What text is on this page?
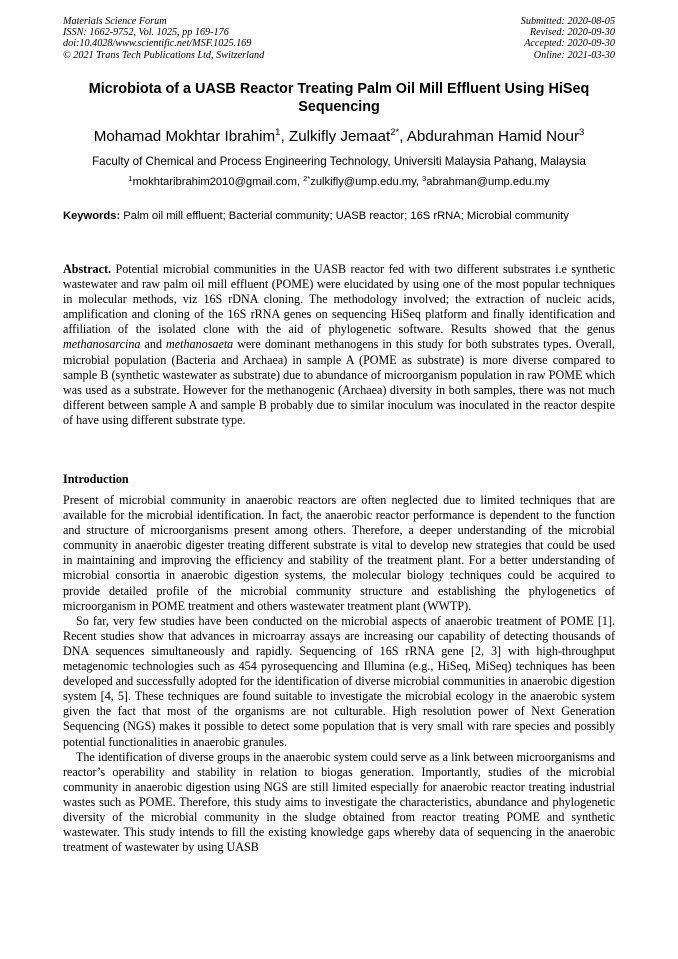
Materials Science Forum
ISSN: 1662-9752, Vol. 1025, pp 169-176
doi:10.4028/www.scientific.net/MSF.1025.169
© 2021 Trans Tech Publications Ltd, Switzerland
Submitted: 2020-08-05
Revised: 2020-09-30
Accepted: 2020-09-30
Online: 2021-03-30
Microbiota of a UASB Reactor Treating Palm Oil Mill Effluent Using HiSeq Sequencing
Mohamad Mokhtar Ibrahim$^1$, Zulkifly Jemaat$^{2*}$, Abdurahman Hamid Nour$^3$
Faculty of Chemical and Process Engineering Technology, Universiti Malaysia Pahang, Malaysia
$^1$mokhtaribrahim2010@gmail.com, $^{2*}$zulkifly@ump.edu.my, $^3$abrahman@ump.edu.my
Keywords: Palm oil mill effluent; Bacterial community; UASB reactor; 16S rRNA; Microbial community
Abstract. Potential microbial communities in the UASB reactor fed with two different substrates i.e synthetic wastewater and raw palm oil mill effluent (POME) were elucidated by using one of the most popular techniques in molecular methods, viz 16S rDNA cloning. The methodology involved; the extraction of nucleic acids, amplification and cloning of the 16S rRNA genes on sequencing HiSeq platform and finally identification and affiliation of the isolated clone with the aid of phylogenetic software. Results showed that the genus methanosarcina and methanosaeta were dominant methanogens in this study for both substrates types. Overall, microbial population (Bacteria and Archaea) in sample A (POME as substrate) is more diverse compared to sample B (synthetic wastewater as substrate) due to abundance of microorganism population in raw POME which was used as a substrate. However for the methanogenic (Archaea) diversity in both samples, there was not much different between sample A and sample B probably due to similar inoculum was inoculated in the reactor despite of have using different substrate type.
Introduction

Present of microbial community in anaerobic reactors are often neglected due to limited techniques that are available for the microbial identification. In fact, the anaerobic reactor performance is dependent to the function and structure of microorganisms present among others. Therefore, a deeper understanding of the microbial community in anaerobic digester treating different substrate is vital to develop new strategies that could be used in maintaining and improving the efficiency and stability of the treatment plant. For a better understanding of microbial consortia in anaerobic digestion systems, the molecular biology techniques could be acquired to provide detailed profile of the microbial community structure and establishing the phylogenetics of microorganism in POME treatment and others wastewater treatment plant (WWTP).

So far, very few studies have been conducted on the microbial aspects of anaerobic treatment of POME [1]. Recent studies show that advances in microarray assays are increasing our capability of detecting thousands of DNA sequences simultaneously and rapidly. Sequencing of 16S rRNA gene [2, 3] with high-throughput metagenomic technologies such as 454 pyrosequencing and Illumina (e.g., HiSeq, MiSeq) techniques has been developed and successfully adopted for the identification of diverse microbial communities in anaerobic digestion system [4, 5]. These techniques are found suitable to investigate the microbial ecology in the anaerobic system given the fact that most of the organisms are not culturable. High resolution power of Next Generation Sequencing (NGS) makes it possible to detect some population that is very small with rare species and possibly potential functionalities in anaerobic granules.

The identification of diverse groups in the anaerobic system could serve as a link between microorganisms and reactor’s operability and stability in relation to biogas generation. Importantly, studies of the microbial community in anaerobic digestion using NGS are still limited especially for anaerobic reactor treating industrial wastes such as POME. Therefore, this study aims to investigate the characteristics, abundance and phylogenetic diversity of the microbial community in the sludge obtained from reactor treating POME and synthetic wastewater. This study intends to fill the existing knowledge gaps whereby data of sequencing in the anaerobic treatment of wastewater by using UASB
